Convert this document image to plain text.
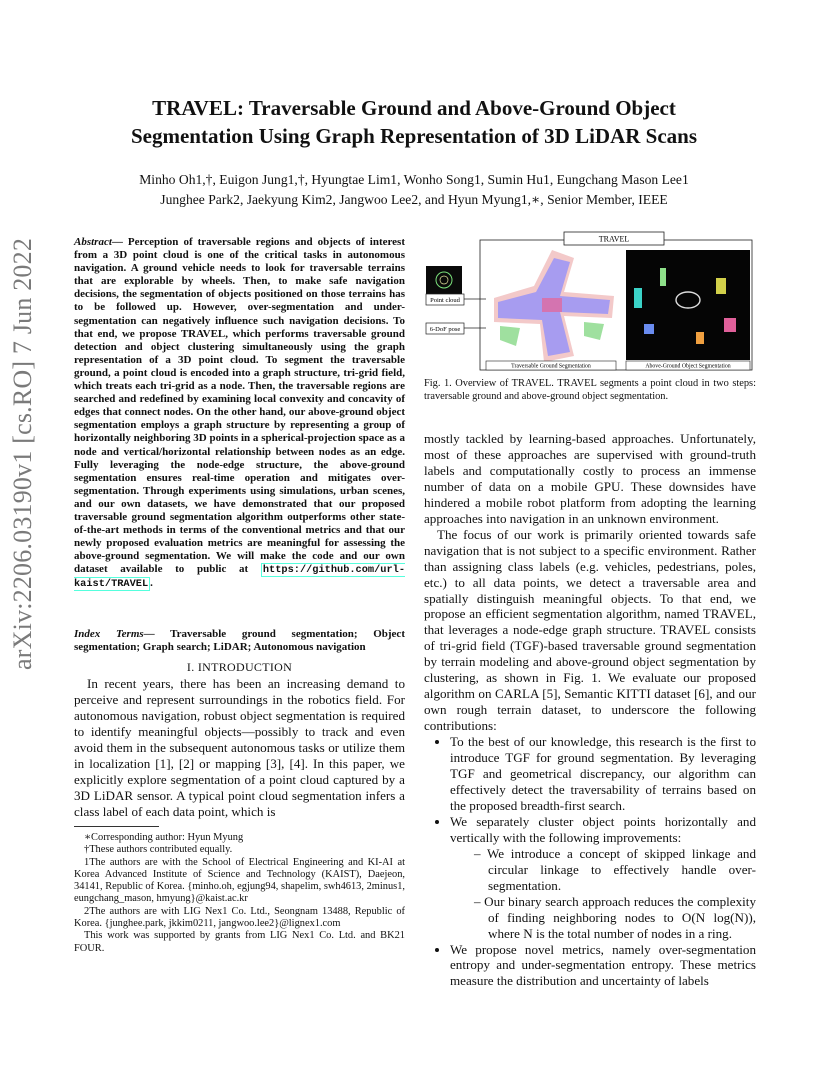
TRAVEL: Traversable Ground and Above-Ground Object
Segmentation Using Graph Representation of 3D LiDAR Scans
Minho Oh1,†, Euigon Jung1,†, Hyungtae Lim1, Wonho Song1, Sumin Hu1, Eungchang Mason Lee1
Junghee Park2, Jaekyung Kim2, Jangwoo Lee2, and Hyun Myung1,∗, Senior Member, IEEE
arXiv:2206.03190v1 [cs.RO] 7 Jun 2022	Abstract— Perception of traversable regions and objects of interest from a 3D point cloud is one of the critical tasks in autonomous navigation. A ground vehicle needs to look for traversable terrains that are explorable by wheels. Then, to make safe navigation decisions, the segmentation of objects positioned on those terrains has to be followed up. However, over-segmentation and under-segmentation can negatively influence such navigation decisions. To that end, we propose TRAVEL, which performs traversable ground detection and object clustering simultaneously using the graph representation of a 3D point cloud. To segment the traversable ground, a point cloud is encoded into a graph structure, tri-grid field, which treats each tri-grid as a node. Then, the traversable regions are searched and redefined by examining local convexity and concavity of edges that connect nodes. On the other hand, our above-ground object segmentation employs a graph structure by representing a group of horizontally neighboring 3D points in a spherical-projection space as a node and vertical/horizontal relationship between nodes as an edge. Fully leveraging the node-edge structure, the above-ground segmentation ensures real-time operation and mitigates over-segmentation. Through experiments using simulations, urban scenes, and our own datasets, we have demonstrated that our proposed traversable ground segmentation algorithm outperforms other state-of-the-art methods in terms of the conventional metrics and that our newly proposed evaluation metrics are meaningful for assessing the above-ground segmentation. We will make the code and our own dataset available to public at https://github.com/url-kaist/TRAVEL .
Index Terms— Traversable ground segmentation; Object segmentation; Graph search; LiDAR; Autonomous navigation
I. INTRODUCTION

In recent years, there has been an increasing demand to perceive and represent surroundings in the robotics field. For autonomous navigation, robust object segmentation is required to identify meaningful objects—possibly to track and even avoid them in the subsequent autonomous tasks or utilize them in localization [1], [2] or mapping [3], [4]. In this paper, we explicitly explore segmentation of a point cloud captured by a 3D LiDAR sensor. A typical point cloud segmentation infers a class label of each data point, which is

∗Corresponding author: Hyun Myung

†These authors contributed equally.

1The authors are with the School of Electrical Engineering and KI-AI at Korea Advanced Institute of Science and Technology (KAIST), Daejeon, 34141, Republic of Korea. {minho.oh, egjung94, shapelim, swh4613, 2minus1, eungchang_mason, hmyung}@kaist.ac.kr

2The authors are with LIG Nex1 Co. Ltd., Seongnam 13488, Republic of Korea. {junghee.park, jkkim0211, jangwoo.lee2}@lignex1.com

This work was supported by grants from LIG Nex1 Co. Ltd. and BK21 FOUR.

TRAVEL
Point cloud
6-DoF pose
Traversable Ground Segmentation	Above-Ground Object Segmentation
Fig. 1. Overview of TRAVEL. TRAVEL segments a point cloud in two steps: traversable ground and above-ground object segmentation.

mostly tackled by learning-based approaches. Unfortunately, most of these approaches are supervised with ground-truth labels and computationally costly to process an immense number of data on a mobile GPU. These downsides have hindered a mobile robot platform from adopting the learning approaches into navigation in an unknown environment.

The focus of our work is primarily oriented towards safe navigation that is not subject to a specific environment. Rather than assigning class labels (e.g. vehicles, pedestrians, poles, etc.) to all data points, we detect a traversable area and spatially distinguish meaningful objects. To that end, we propose an efficient segmentation algorithm, named TRAVEL, that leverages a node-edge graph structure. TRAVEL consists of tri-grid field (TGF)-based traversable ground segmentation by terrain modeling and above-ground object segmentation by clustering, as shown in Fig. 1. We evaluate our proposed algorithm on CARLA [5], Semantic KITTI dataset [6], and our own rough terrain dataset, to underscore the following contributions:

• To the best of our knowledge, this research is the first to introduce TGF for ground segmentation. By leveraging TGF and geometrical discrepancy, our algorithm can effectively detect the traversability of terrains based on the proposed breadth-first search.
• We separately cluster object points horizontally and vertically with the following improvements:
– We introduce a concept of skipped linkage and circular linkage to effectively handle over-segmentation.
– Our binary search approach reduces the complexity of finding neighboring nodes to O(N log(N)), where N is the total number of nodes in a ring.
• We propose novel metrics, namely over-segmentation entropy and under-segmentation entropy. These metrics measure the distribution and uncertainty of labels
